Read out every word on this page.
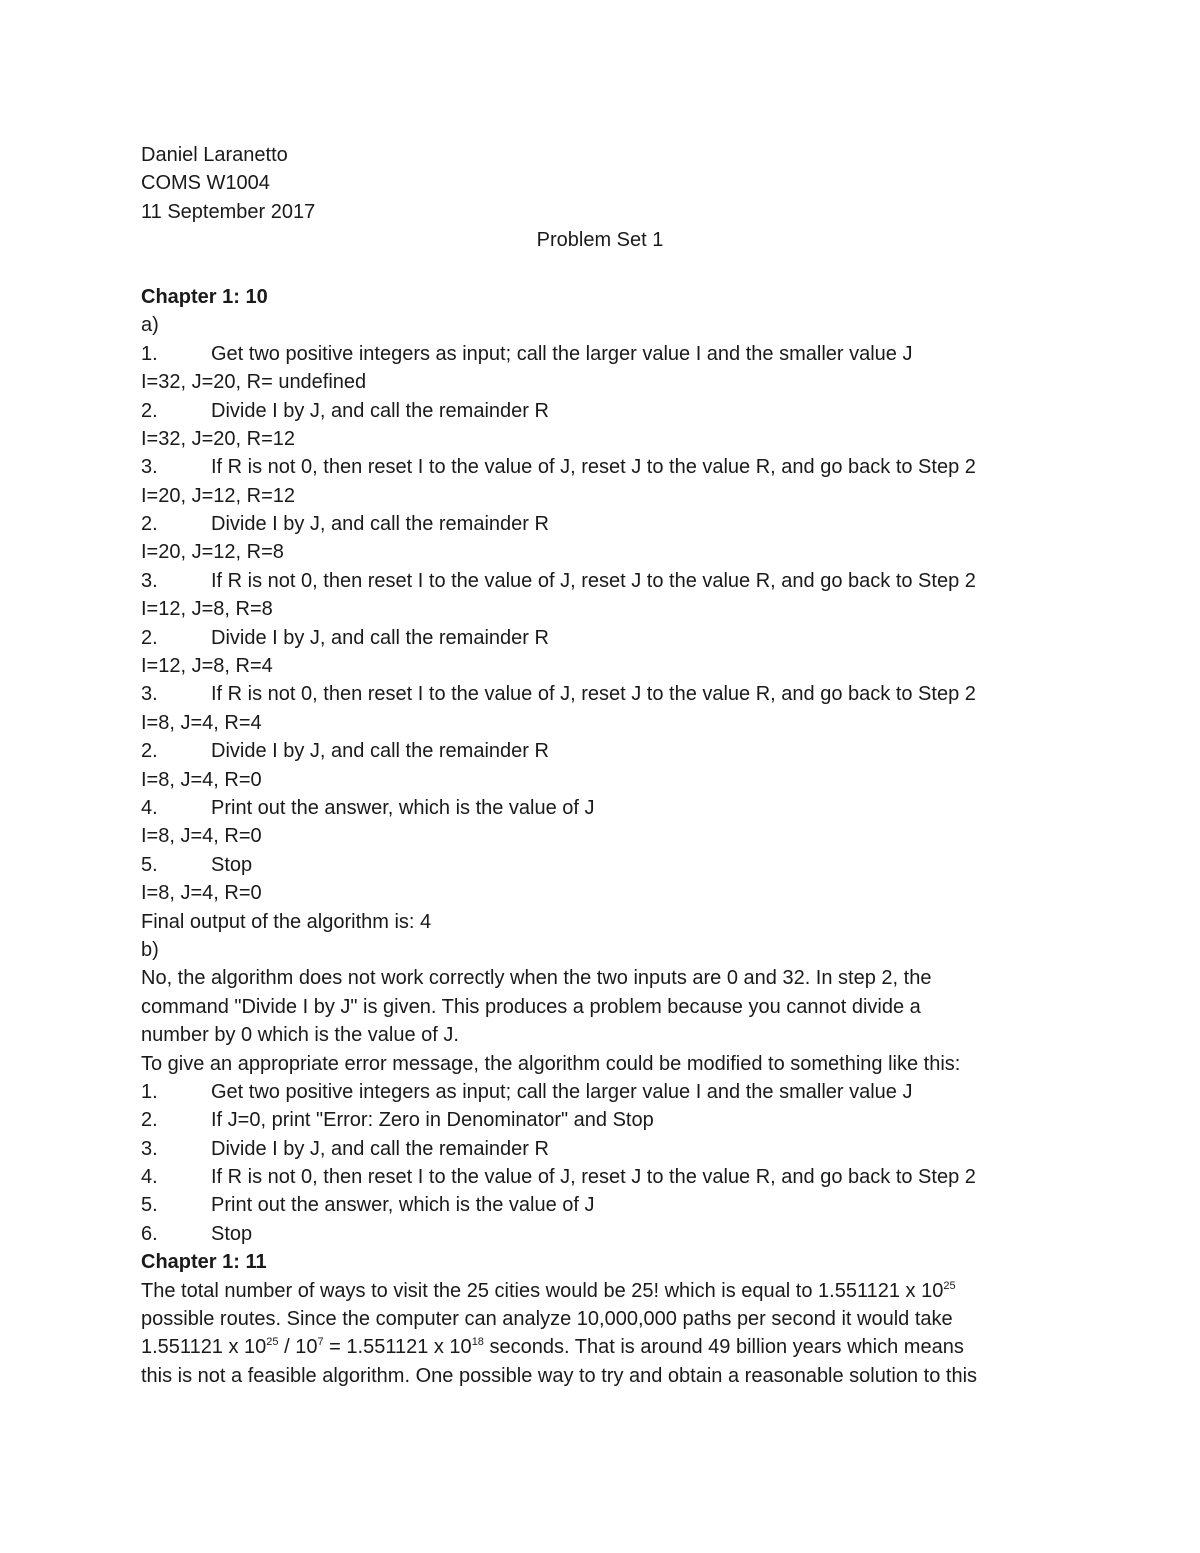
Daniel Laranetto
COMS W1004
11 September 2017
Problem Set 1
Chapter 1: 10
a)
1.	Get two positive integers as input; call the larger value I and the smaller value J
I=32, J=20, R= undefined
2.	Divide I by J, and call the remainder R
I=32, J=20, R=12
3.	If R is not 0, then reset I to the value of J, reset J to the value R, and go back to Step 2
I=20, J=12, R=12
2.	Divide I by J, and call the remainder R
I=20, J=12, R=8
3.	If R is not 0, then reset I to the value of J, reset J to the value R, and go back to Step 2
I=12, J=8, R=8
2.	Divide I by J, and call the remainder R
I=12, J=8, R=4
3.	If R is not 0, then reset I to the value of J, reset J to the value R, and go back to Step 2
I=8, J=4, R=4
2.	Divide I by J, and call the remainder R
I=8, J=4, R=0
4.	Print out the answer, which is the value of J
I=8, J=4, R=0
5.	Stop
I=8, J=4, R=0
Final output of the algorithm is: 4
b)
No, the algorithm does not work correctly when the two inputs are 0 and 32. In step 2, the
command "Divide I by J" is given. This produces a problem because you cannot divide a
number by 0 which is the value of J.
To give an appropriate error message, the algorithm could be modified to something like this:
1.	Get two positive integers as input; call the larger value I and the smaller value J
2.	If J=0, print "Error: Zero in Denominator" and Stop
3.	Divide I by J, and call the remainder R
4.	If R is not 0, then reset I to the value of J, reset J to the value R, and go back to Step 2
5.	Print out the answer, which is the value of J
6.	Stop
Chapter 1: 11
The total number of ways to visit the 25 cities would be 25! which is equal to 1.551121 x $10^{25}$
possible routes. Since the computer can analyze 10,000,000 paths per second it would take
1.551121 x $10^{25} / 10^7 = 1.551121$ x $10^{18}$ seconds. That is around 49 billion years which means
this is not a feasible algorithm. One possible way to try and obtain a reasonable solution to this
